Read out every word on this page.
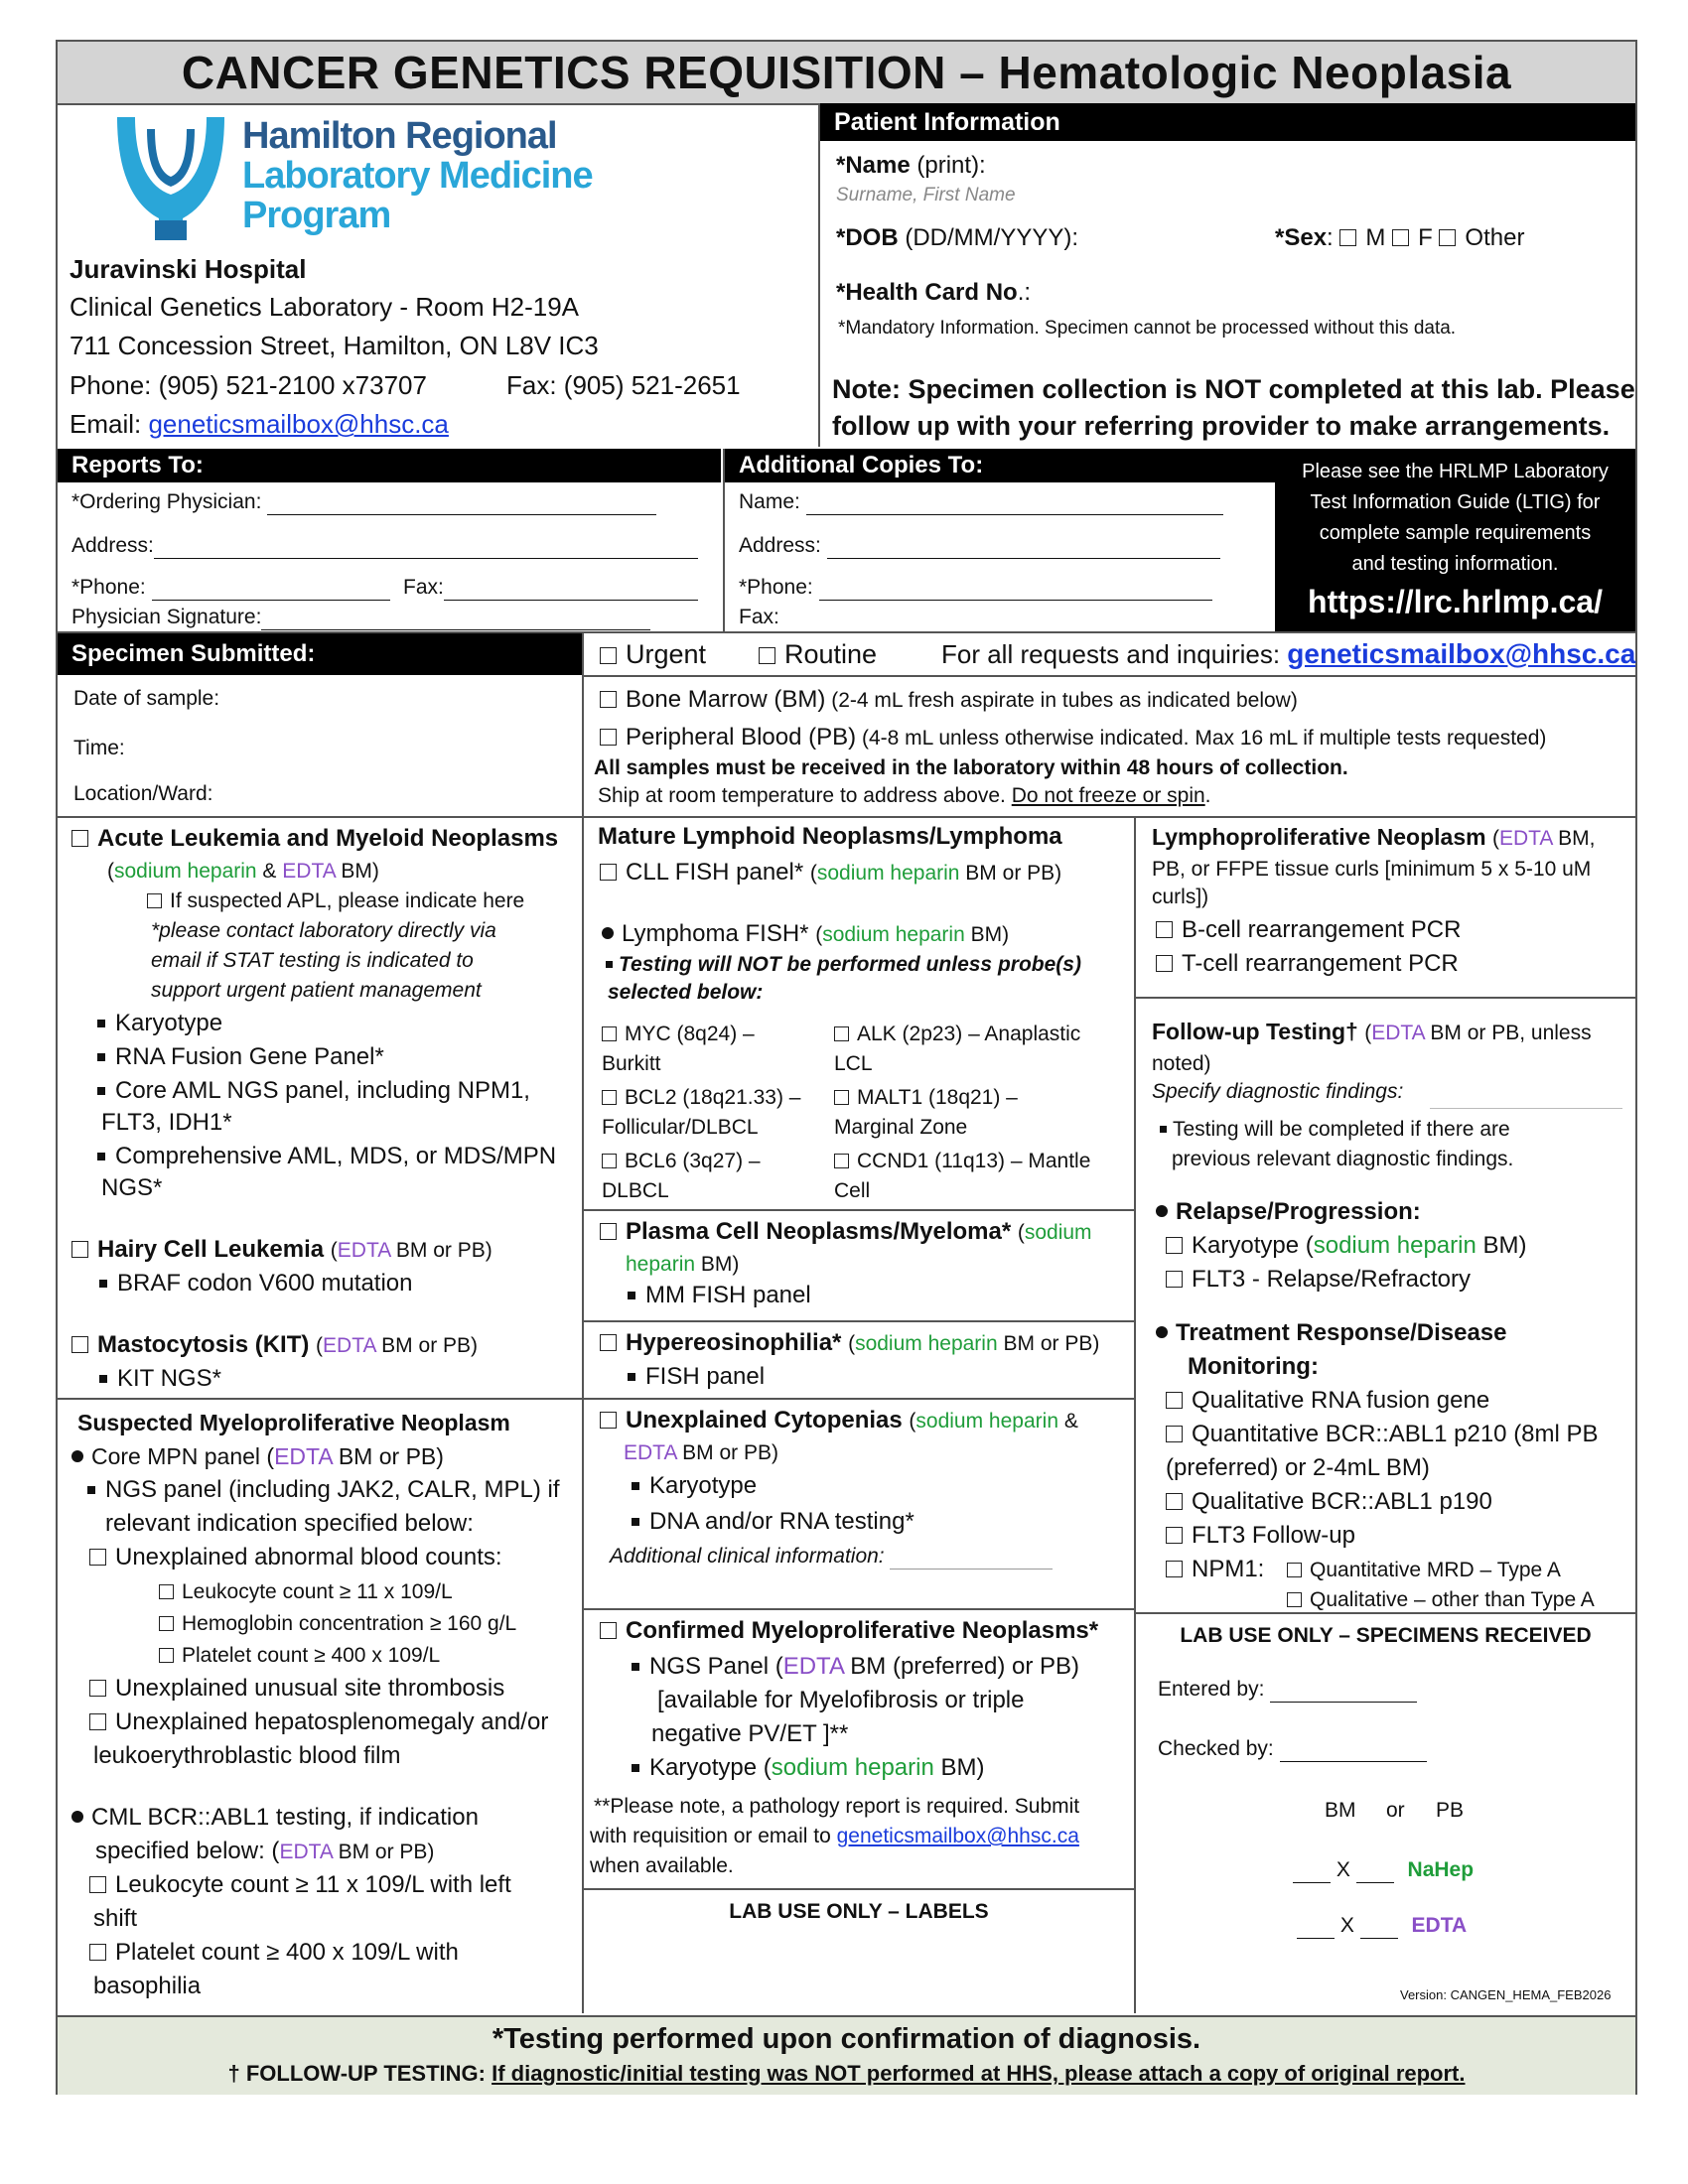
CANCER GENETICS REQUISITION – Hematologic Neoplasia
Hamilton Regional
Laboratory Medicine
Program
Juravinski Hospital
Clinical Genetics Laboratory - Room H2-19A
711 Concession Street, Hamilton, ON L8V IC3
Phone: (905) 521-2100 x73707	Fax: (905) 521-2651
Email: geneticsmailbox@hhsc.ca
Patient Information
*Name (print):
Surname, First Name
*DOB (DD/MM/YYYY):	*Sex: M F Other
*Health Card No.:
*Mandatory Information. Specimen cannot be processed without this data.
Note: Specimen collection is NOT completed at this lab. Please
follow up with your referring provider to make arrangements.
Reports To:	Additional Copies To:	Please see the HRLMP Laboratory
Test Information Guide (LTIG) for
complete sample requirements
and testing information.
https://lrc.hrlmp.ca/
*Ordering Physician:
Address:
*Phone:	Fax:
Physician Signature:
Name:
Address:
*Phone:
Fax:
Specimen Submitted:	Urgent	Routine For all requests and inquiries: geneticsmailbox@hhsc.ca
Date of sample:
Time:
Location/Ward:
Bone Marrow (BM) (2-4 mL fresh aspirate in tubes as indicated below)
Peripheral Blood (PB) (4-8 mL unless otherwise indicated. Max 16 mL if multiple tests requested)
All samples must be received in the laboratory within 48 hours of collection.
Ship at room temperature to address above. Do not freeze or spin.
Acute Leukemia and Myeloid Neoplasms
(sodium heparin & EDTA BM)
If suspected APL, please indicate here
*please contact laboratory directly via
email if STAT testing is indicated to
support urgent patient management
Karyotype
RNA Fusion Gene Panel*
Core AML NGS panel, including NPM1,
FLT3, IDH1*
Comprehensive AML, MDS, or MDS/MPN
NGS*
Hairy Cell Leukemia (EDTA BM or PB)
BRAF codon V600 mutation
Mastocytosis (KIT) (EDTA BM or PB)
KIT NGS*
Suspected Myeloproliferative Neoplasm
Core MPN panel (EDTA BM or PB)
NGS panel (including JAK2, CALR, MPL) if
relevant indication specified below:
Unexplained abnormal blood counts:
Leukocyte count ≥ 11 x 109/L
Hemoglobin concentration ≥ 160 g/L
Platelet count ≥ 400 x 109/L
Unexplained unusual site thrombosis
Unexplained hepatosplenomegaly and/or
leukoerythroblastic blood film
CML BCR::ABL1 testing, if indication
specified below: (EDTA BM or PB)
Leukocyte count ≥ 11 x 109/L with left
shift
Platelet count ≥ 400 x 109/L with
basophilia
Mature Lymphoid Neoplasms/Lymphoma
CLL FISH panel* (sodium heparin BM or PB)
Lymphoma FISH* (sodium heparin BM)
Testing will NOT be performed unless probe(s)
selected below:
MYC (8q24) –
Burkitt
ALK (2p23) – Anaplastic
LCL
BCL2 (18q21.33) –
Follicular/DLBCL
MALT1 (18q21) –
Marginal Zone
BCL6 (3q27) –
DLBCL
CCND1 (11q13) – Mantle
Cell
Plasma Cell Neoplasms/Myeloma* (sodium
heparin BM)
MM FISH panel
Hypereosinophilia* (sodium heparin BM or PB)
FISH panel
Unexplained Cytopenias (sodium heparin &
EDTA BM or PB)
Karyotype
DNA and/or RNA testing*
Additional clinical information:
Confirmed Myeloproliferative Neoplasms*
NGS Panel (EDTA BM (preferred) or PB)
[available for Myelofibrosis or triple
negative PV/ET ]**
Karyotype (sodium heparin BM)
**Please note, a pathology report is required. Submit
with requisition or email to geneticsmailbox@hhsc.ca
when available.
LAB USE ONLY – LABELS
Lymphoproliferative Neoplasm (EDTA BM,
PB, or FFPE tissue curls [minimum 5 x 5-10 uM
curls])
B-cell rearrangement PCR
T-cell rearrangement PCR
Follow-up Testing† (EDTA BM or PB, unless
noted)
Specify diagnostic findings:
Testing will be completed if there are
previous relevant diagnostic findings.
Relapse/Progression:
Karyotype (sodium heparin BM)
FLT3 - Relapse/Refractory
Treatment Response/Disease
Monitoring:
Qualitative RNA fusion gene
Quantitative BCR::ABL1 p210 (8ml PB
(preferred) or 2-4mL BM)
Qualitative BCR::ABL1 p190
FLT3 Follow-up
NPM1:	Quantitative MRD – Type A
Qualitative – other than Type A
LAB USE ONLY – SPECIMENS RECEIVED
Entered by:
Checked by:
BM or PB
X	NaHep
X	EDTA
Version: CANGEN_HEMA_FEB2026
*Testing performed upon confirmation of diagnosis.
† FOLLOW-UP TESTING: If diagnostic/initial testing was NOT performed at HHS, please attach a copy of original report.
